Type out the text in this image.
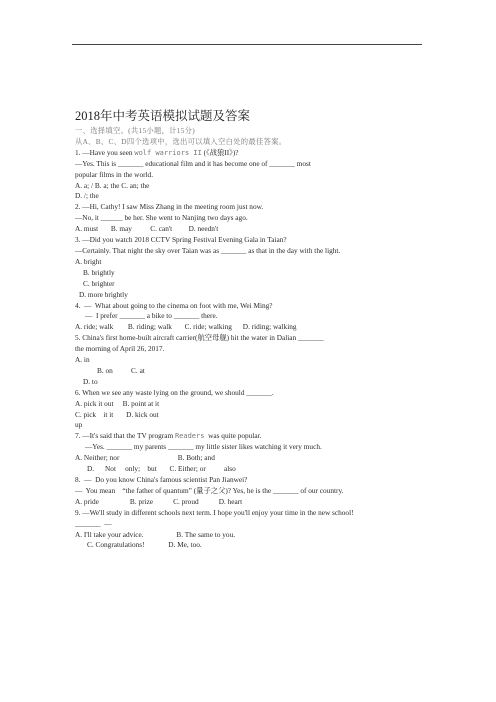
2018年中考英语模拟试题及答案
一、选择填空。(共15小题，计15分)
从A、B、C、D四个选项中，选出可以填入空白处的最佳答案。
1. —Have you seen wolf warriors II (《战狼II》)?
—Yes. This is _______ educational film and it has become one of _______ most
popular films in the world.
A. a; / B. a; the C. an; the
D. /; the
2. —Hi, Cathy! I saw Miss Zhang in the meeting room just now.
—No, it ______ be her. She went to Nanjing two days ago.
A. must       B. may          C. can't         D. needn't
3. —Did you watch 2018 CCTV Spring Festival Evening Gala in Taian?
—Certainly. That night the sky over Taian was as _______ as that in the day with the light.
A. bright
B. brightly
C. brighter
D. more brightly
4.  —  What about going to the cinema on foot with me, Wei Ming?
—  I prefer _______ a bike to _______ there.
A. ride; walk        B. riding; walk       C. ride; walking      D. riding; walking
5. China's first home-built aircraft carrier(航空母舰) hit the water in Dalian _______
the morning of April 26, 2017.
A. in
B. on          C. at
D. to
6. When we see any waste lying on the ground, we should _______.
A. pick it out     B. point at it
C. pick    it it       D. kick out
up
7. —It's said that the TV program Readers  was quite popular.
—Yes. _______ my parents _______ my little sister likes watching it very much.
A. Neither; nor                                B. Both; and
D.      Not     only;    but       C. Either; or          also
8.  —  Do you know China's famous scientist Pan Jianwei?
—  You mean    “the father of quantum” (量子之父)? Yes, he is the _______ of our country.
A. pride                 B. prize           C. proud           D. heart
9. —We'll study in different schools next term. I hope you'll enjoy your time in the new school!
_______  —
A. I'll take your advice.                  B. The same to you.
C. Congratulations!             D. Me, too.
